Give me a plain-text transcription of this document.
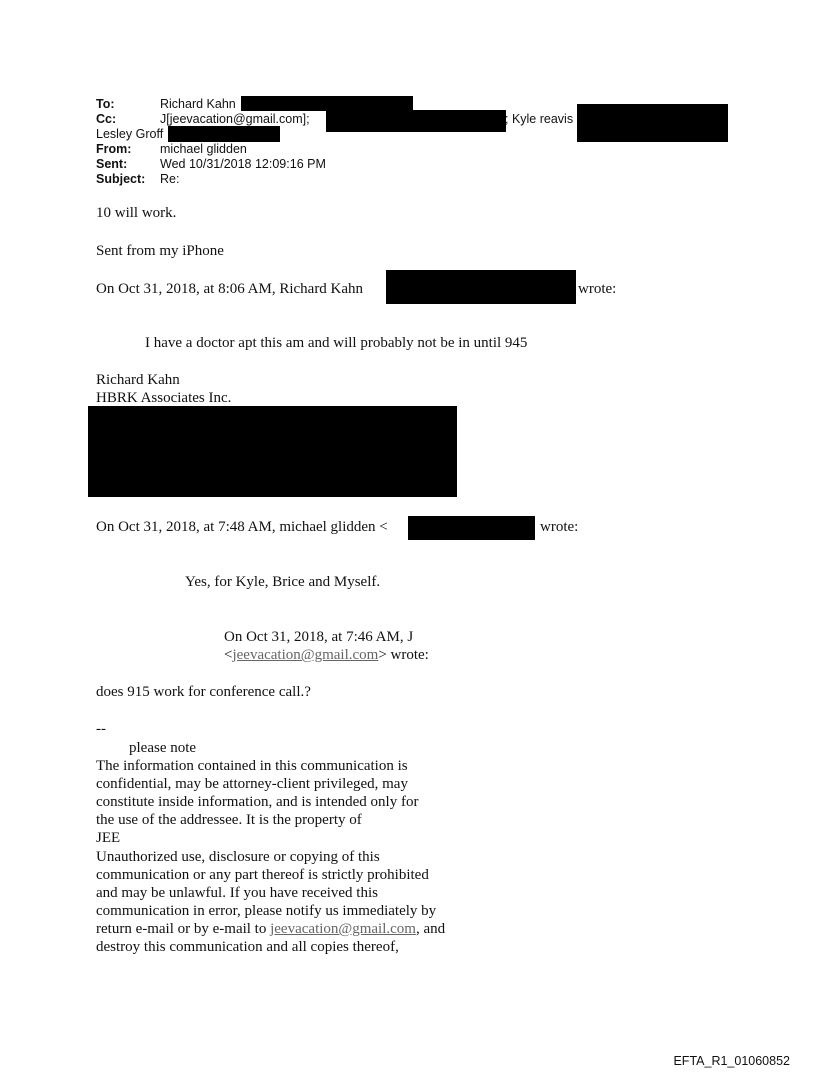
To:	Richard Kahn
Cc:	J[jeevacation@gmail.com];	; Kyle reavis
Lesley Groff
From: michael glidden
Sent:	Wed 10/31/2018 12:09:16 PM
Subject: Re:
10 will work.
Sent from my iPhone
On Oct 31, 2018, at 8:06 AM, Richard Kahn	wrote:
I have a doctor apt this am and will probably not be in until 945
Richard Kahn
HBRK Associates Inc.
On Oct 31, 2018, at 7:48 AM, michael glidden <	wrote:
Yes, for Kyle, Brice and Myself.
On Oct 31, 2018, at 7:46 AM, J
<jeevacation@gmail.com> wrote:
does 915 work for conference call.?
--
please note
The information contained in this communication is
confidential, may be attorney-client privileged, may
constitute inside information, and is intended only for
the use of the addressee. It is the property of
JEE
Unauthorized use, disclosure or copying of this
communication or any part thereof is strictly prohibited
and may be unlawful. If you have received this
communication in error, please notify us immediately by
return e-mail or by e-mail to jeevacation@gmail.com, and
destroy this communication and all copies thereof,
EFTA_R1_01060852
